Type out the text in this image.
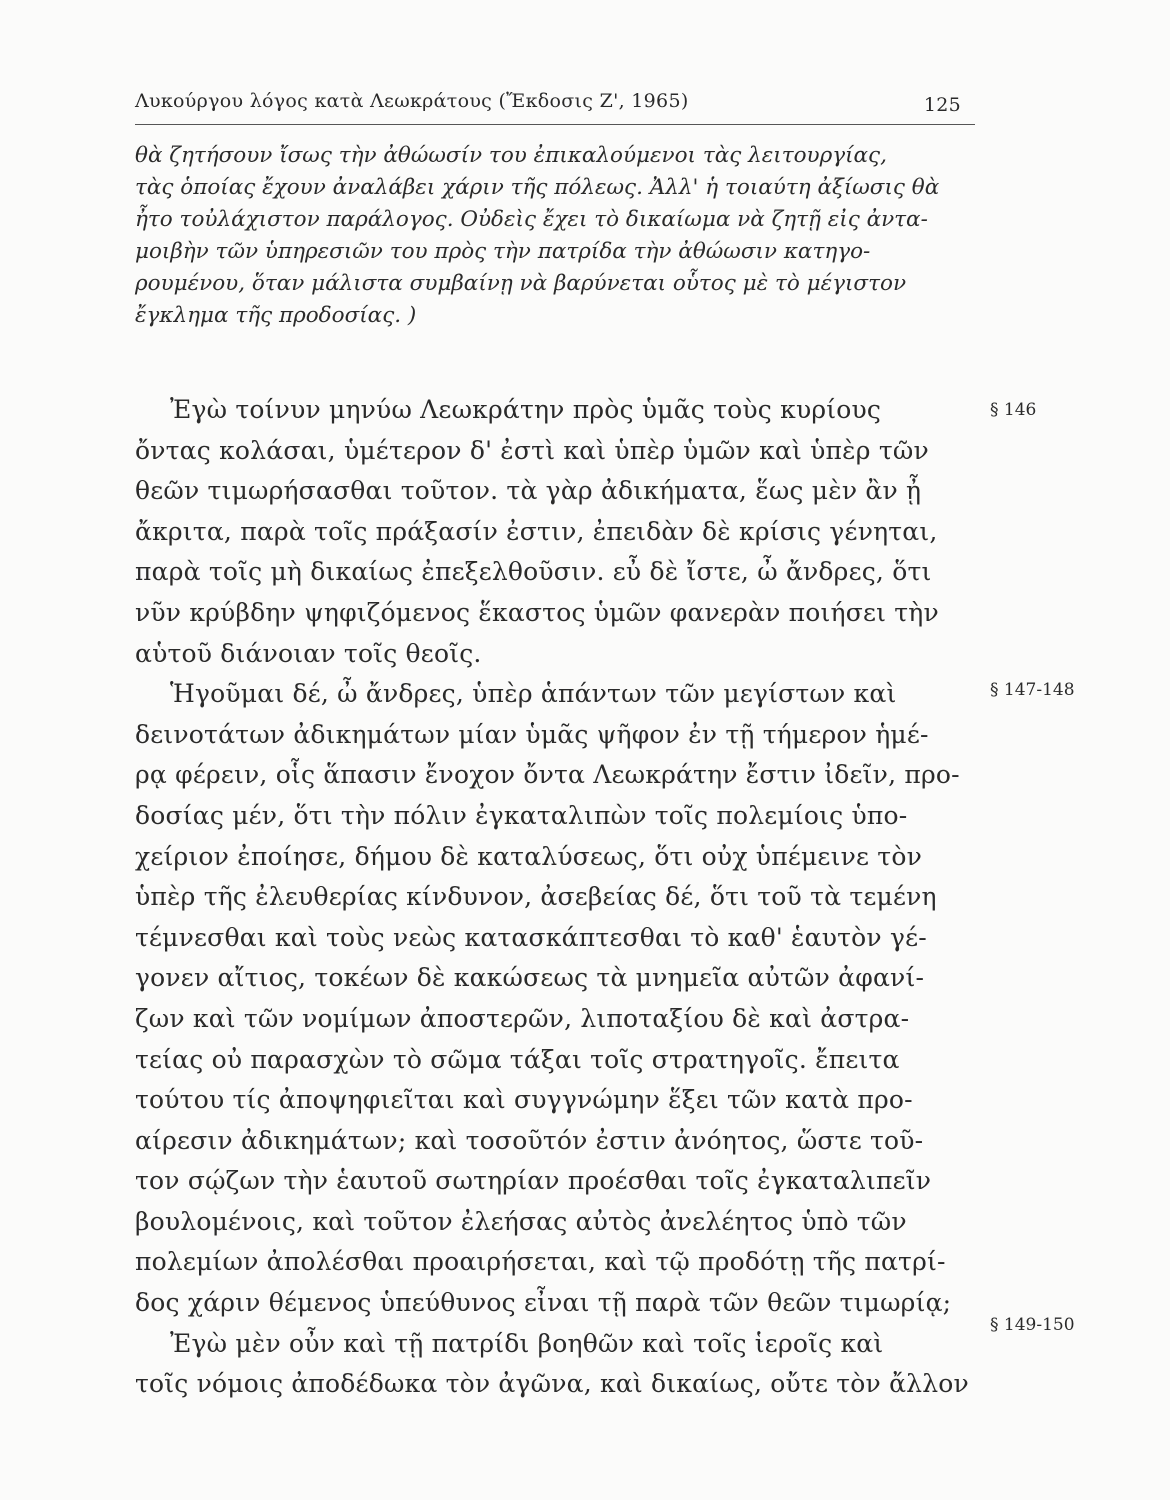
Λυκούργου λόγος κατὰ Λεωκράτους (Ἔκδοσις Ζ', 1965)	125
θὰ ζητήσουν ἴσως τὴν ἀθώωσίν του ἐπικαλούμενοι τὰς λειτουργίας,
τὰς ὁποίας ἔχουν ἀναλάβει χάριν τῆς πόλεως. Ἀλλ' ἡ τοιαύτη ἀξίωσις θὰ
ἦτο τοὐλάχιστον παράλογος. Οὐδεὶς ἔχει τὸ δικαίωμα νὰ ζητῇ εἰς ἀντα-
μοιβὴν τῶν ὑπηρεσιῶν του πρὸς τὴν πατρίδα τὴν ἀθώωσιν κατηγο-
ρουμένου, ὅταν μάλιστα συμβαίνῃ νὰ βαρύνεται οὗτος μὲ τὸ μέγιστον
ἔγκλημα τῆς προδοσίας. )
Ἐγὼ τοίνυν μηνύω Λεωκράτην πρὸς ὑμᾶς τοὺς κυρίους
ὄντας κολάσαι, ὑμέτερον δ' ἐστὶ καὶ ὑπὲρ ὑμῶν καὶ ὑπὲρ τῶν
θεῶν τιμωρήσασθαι τοῦτον. τὰ γὰρ ἀδικήματα, ἕως μὲν ἂν ᾖ
ἄκριτα, παρὰ τοῖς πράξασίν ἐστιν, ἐπειδὰν δὲ κρίσις γένηται,
παρὰ τοῖς μὴ δικαίως ἐπεξελθοῦσιν. εὖ δὲ ἴστε, ὦ ἄνδρες, ὅτι
νῦν κρύβδην ψηφιζόμενος ἕκαστος ὑμῶν φανερὰν ποιήσει τὴν
αὑτοῦ διάνοιαν τοῖς θεοῖς.
Ἡγοῦμαι δέ, ὦ ἄνδρες, ὑπὲρ ἁπάντων τῶν μεγίστων καὶ
δεινοτάτων ἀδικημάτων μίαν ὑμᾶς ψῆφον ἐν τῇ τήμερον ἡμέ-
ρᾳ φέρειν, οἷς ἅπασιν ἔνοχον ὄντα Λεωκράτην ἔστιν ἰδεῖν, προ-
δοσίας μέν, ὅτι τὴν πόλιν ἐγκαταλιπὼν τοῖς πολεμίοις ὑπο-
χείριον ἐποίησε, δήμου δὲ καταλύσεως, ὅτι οὐχ ὑπέμεινε τὸν
ὑπὲρ τῆς ἐλευθερίας κίνδυνον, ἀσεβείας δέ, ὅτι τοῦ τὰ τεμένη
τέμνεσθαι καὶ τοὺς νεὼς κατασκάπτεσθαι τὸ καθ' ἑαυτὸν γέ-
γονεν αἴτιος, τοκέων δὲ κακώσεως τὰ μνημεῖα αὐτῶν ἀφανί-
ζων καὶ τῶν νομίμων ἀποστερῶν, λιποταξίου δὲ καὶ ἀστρα-
τείας οὐ παρασχὼν τὸ σῶμα τάξαι τοῖς στρατηγοῖς. ἔπειτα
τούτου τίς ἀποψηφιεῖται καὶ συγγνώμην ἕξει τῶν κατὰ προ-
αίρεσιν ἀδικημάτων; καὶ τοσοῦτόν ἐστιν ἀνόητος, ὥστε τοῦ-
τον σῴζων τὴν ἑαυτοῦ σωτηρίαν προέσθαι τοῖς ἐγκαταλιπεῖν
βουλομένοις, καὶ τοῦτον ἐλεήσας αὐτὸς ἀνελέητος ὑπὸ τῶν
πολεμίων ἀπολέσθαι προαιρήσεται, καὶ τῷ προδότῃ τῆς πατρί-
δος χάριν θέμενος ὑπεύθυνος εἶναι τῇ παρὰ τῶν θεῶν τιμωρίᾳ;
Ἐγὼ μὲν οὖν καὶ τῇ πατρίδι βοηθῶν καὶ τοῖς ἱεροῖς καὶ
τοῖς νόμοις ἀποδέδωκα τὸν ἀγῶνα, καὶ δικαίως, οὔτε τὸν ἄλλον
§ 146
§ 147-148
§ 149-150
